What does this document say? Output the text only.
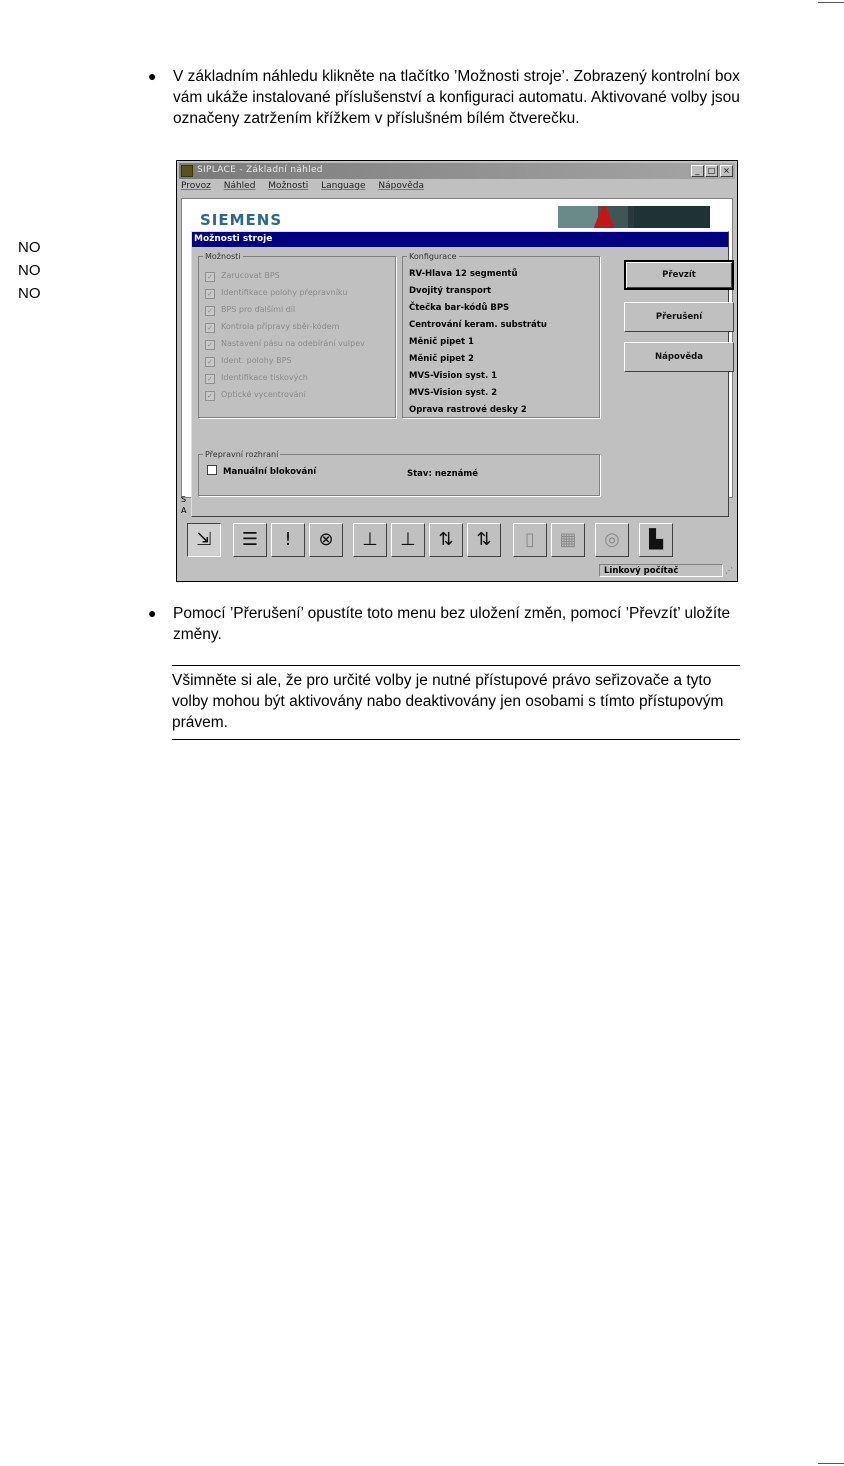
NO
NO
NO
● V základním náhledu klikněte na tlačítko ’Možnosti stroje’. Zobrazený kontrolní box vám ukáže instalované příslušenství a konfiguraci automatu. Aktivované volby jsou označeny zatržením křížkem v příslušném bílém čtverečku.
SIPLACE - Základní náhled	_	□ ×
Provoz Náhled Možnosti Language Nápověda
SIEMENS
S
A
Možnosti stroje
Možnosti
✓ Zarucovat BPS
✓ Identifikace polohy přepravníku
✓ BPS pro ďalšími díl
✓ Kontrola přípravy sběr-kódem
✓ Nastavení pásu na odebírání vulpev
✓ Ident. polohy BPS
✓ Identifikace tiskových
✓ Optické vycentrování
Konfigurace
RV-Hlava 12 segmentů
Dvojitý transport
Čtečka bar-kódů BPS
Centrování keram. substrátu
Měnič pipet 1
Měnič pipet 2
MVS-Vision syst. 1
MVS-Vision syst. 2
Oprava rastrové desky 2
Přepravní rozhraní
Manuální blokování	Stav: neznámé
Převzít
Přerušení
Nápověda
⇲	☰	!	⊗	⊥	⊥	⇅	⇅	▯	▦	◎	▙
Linkový počítač	⋰
● Pomocí ’Přerušení’ opustíte toto menu bez uložení změn, pomocí ’Převzít’ uložíte změny.
Všimněte si ale, že pro určité volby je nutné přístupové právo seřizovače a tyto volby mohou být aktivovány nabo deaktivovány jen osobami s tímto přístupovým právem.
